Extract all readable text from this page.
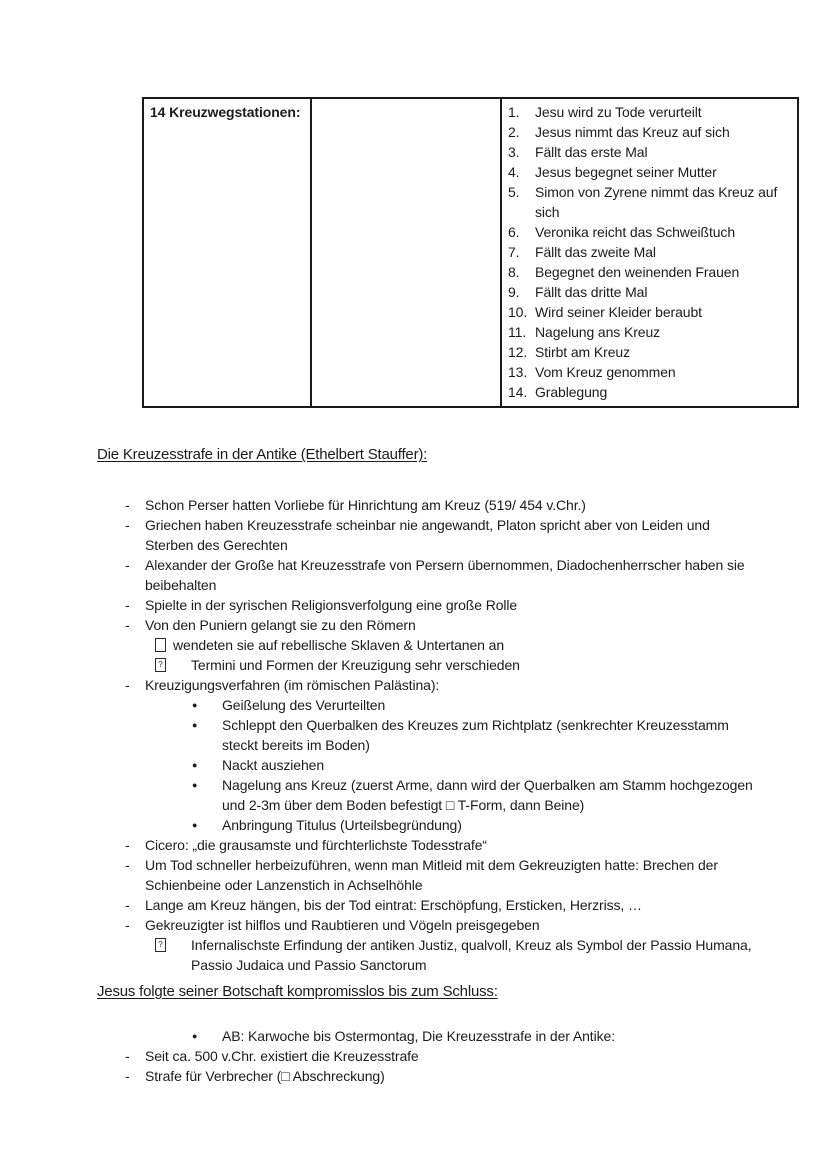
14 Kreuzwegstationen:		1.	Jesu wird zu Tode verurteilt
2.	Jesus nimmt das Kreuz auf sich
3.	Fällt das erste Mal
4.	Jesus begegnet seiner Mutter
5.	Simon von Zyrene nimmt das Kreuz auf sich
6.	Veronika reicht das Schweißtuch
7.	Fällt das zweite Mal
8.	Begegnet den weinenden Frauen
9.	Fällt das dritte Mal
10. Wird seiner Kleider beraubt
11. Nagelung ans Kreuz
12. Stirbt am Kreuz
13. Vom Kreuz genommen
14. Grablegung
Die Kreuzesstrafe in der Antike (Ethelbert Stauffer):
-	Schon Perser hatten Vorliebe für Hinrichtung am Kreuz (519/ 454 v.Chr.)
-	Griechen haben Kreuzesstrafe scheinbar nie angewandt, Platon spricht aber von Leiden und Sterben des Gerechten
-	Alexander der Große hat Kreuzesstrafe von Persern übernommen, Diadochenherrscher haben sie beibehalten
-	Spielte in der syrischen Religionsverfolgung eine große Rolle
-	Von den Puniern gelangt sie zu den Römern
wendeten sie auf rebellische Sklaven & Untertanen an
? Termini und Formen der Kreuzigung sehr verschieden
-	Kreuzigungsverfahren (im römischen Palästina):
●	Geißelung des Verurteilten
●	Schleppt den Querbalken des Kreuzes zum Richtplatz (senkrechter Kreuzesstamm steckt bereits im Boden)
●	Nackt ausziehen
●	Nagelung ans Kreuz (zuerst Arme, dann wird der Querbalken am Stamm hochgezogen und 2-3m über dem Boden befestigt □ T-Form, dann Beine)
●	Anbringung Titulus (Urteilsbegründung)
-	Cicero: „die grausamste und fürchterlichste Todesstrafe“
-	Um Tod schneller herbeizuführen, wenn man Mitleid mit dem Gekreuzigten hatte: Brechen der Schienbeine oder Lanzenstich in Achselhöhle
-	Lange am Kreuz hängen, bis der Tod eintrat: Erschöpfung, Ersticken, Herzriss, …
-	Gekreuzigter ist hilflos und Raubtieren und Vögeln preisgegeben
? Infernalischste Erfindung der antiken Justiz, qualvoll, Kreuz als Symbol der Passio Humana, Passio Judaica und Passio Sanctorum
Jesus folgte seiner Botschaft kompromisslos bis zum Schluss:
●	AB: Karwoche bis Ostermontag, Die Kreuzesstrafe in der Antike:
-	Seit ca. 500 v.Chr. existiert die Kreuzesstrafe
-	Strafe für Verbrecher (□ Abschreckung)
